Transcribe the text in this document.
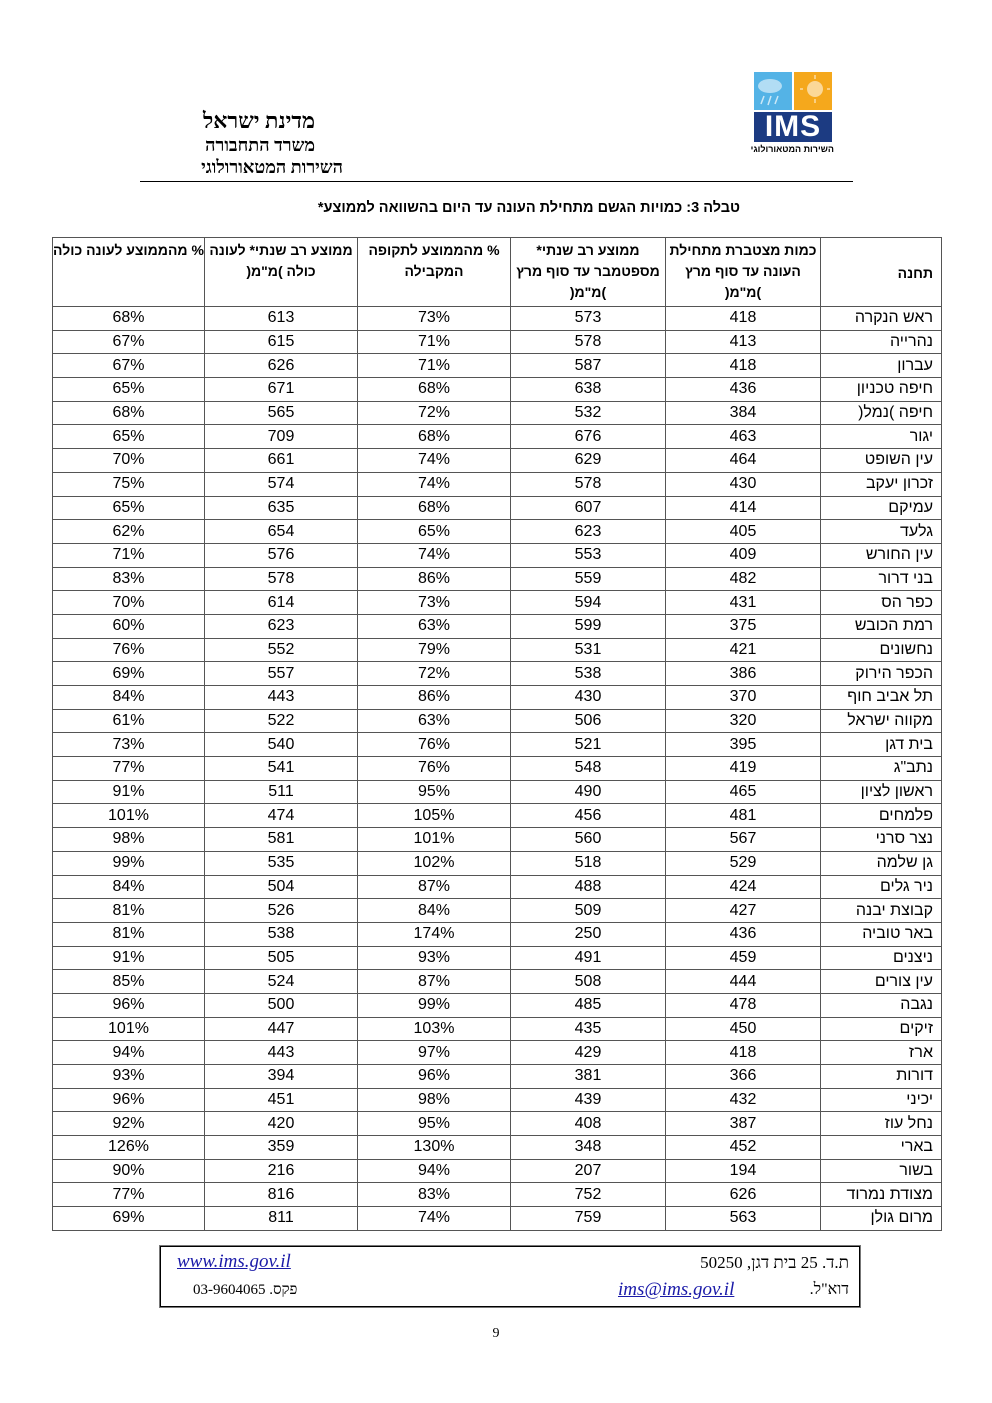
מדינת ישראל
משרד התחבורה
השירות המטאורולוגי
IMS
השירות המטאורולוגי
טבלה 3: כמויות הגשם מתחילת העונה עד היום בהשוואה לממוצע*
תחנה	כמות מצטברת מתחילת העונה עד סוף מרץ )מ"מ(	ממוצע רב שנתי* מספטמבר עד סוף מרץ )מ"מ(	% מהממוצע לתקופה המקבילה	ממוצע רב שנתי* לעונה כולה )מ"מ(	% מהממוצע לעונה כולה
ראש הנקרה	418	573	73%	613	68%
נהרייה	413	578	71%	615	67%
עברון	418	587	71%	626	67%
חיפה טכניון	436	638	68%	671	65%
חיפה )נמל(	384	532	72%	565	68%
יגור	463	676	68%	709	65%
עין השופט	464	629	74%	661	70%
זכרון יעקב	430	578	74%	574	75%
עמיקם	414	607	68%	635	65%
גלעד	405	623	65%	654	62%
עין החורש	409	553	74%	576	71%
בני דרור	482	559	86%	578	83%
כפר הס	431	594	73%	614	70%
רמת הכובש	375	599	63%	623	60%
נחשונים	421	531	79%	552	76%
הכפר הירוק	386	538	72%	557	69%
תל אביב חוף	370	430	86%	443	84%
מקווה ישראל	320	506	63%	522	61%
בית דגן	395	521	76%	540	73%
נתב"ג	419	548	76%	541	77%
ראשון לציון	465	490	95%	511	91%
פלמחים	481	456	105%	474	101%
נצר סרני	567	560	101%	581	98%
גן שלמה	529	518	102%	535	99%
ניר גלים	424	488	87%	504	84%
קבוצת יבנה	427	509	84%	526	81%
באר טוביה	436	250	174%	538	81%
ניצנים	459	491	93%	505	91%
עין צורים	444	508	87%	524	85%
נגבה	478	485	99%	500	96%
זיקים	450	435	103%	447	101%
ארז	418	429	97%	443	94%
דורות	366	381	96%	394	93%
יכיני	432	439	98%	451	96%
נחל עוז	387	408	95%	420	92%
בארי	452	348	130%	359	126%
בשור	194	207	94%	216	90%
מצודת נמרוד	626	752	83%	816	77%
מרום גולן	563	759	74%	811	69%
ת.ד. 25 בית דגן, 50250
דוא"ל.
ims@ims.gov.il
www.ims.gov.il
פקס. 03-9604065
9
